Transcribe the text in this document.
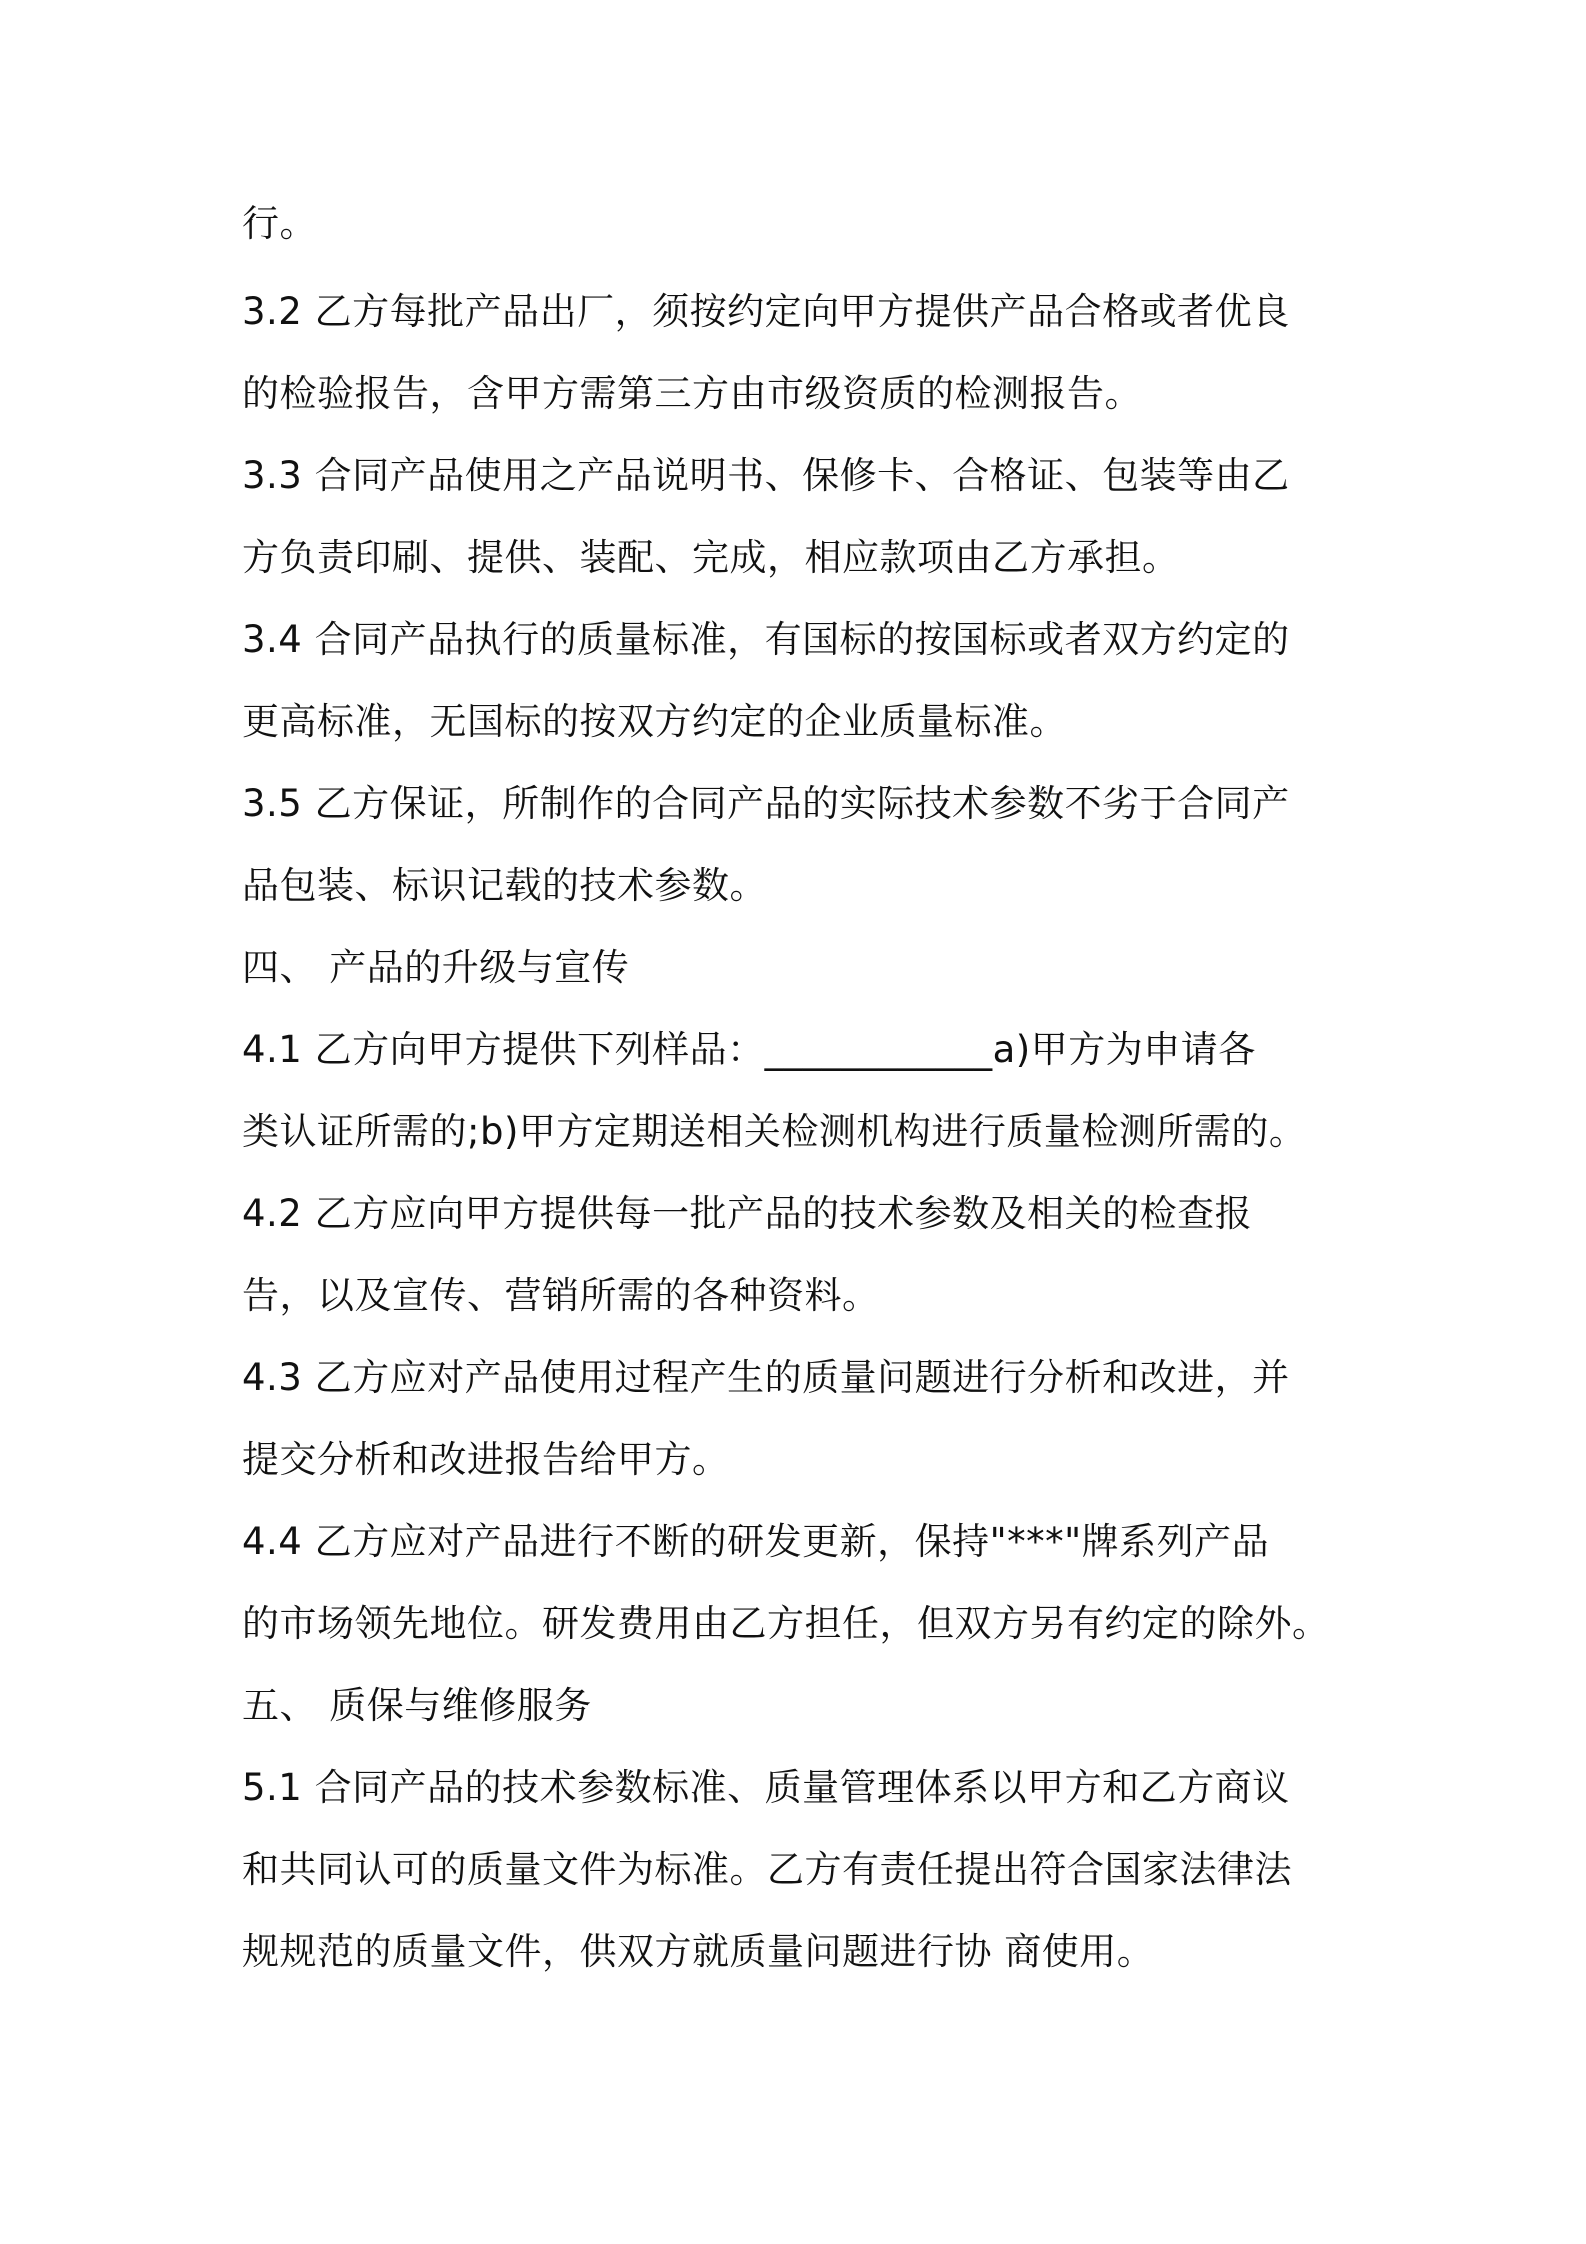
行。
3.2 乙方每批产品出厂，须按约定向甲方提供产品合格或者优良
的检验报告，含甲方需第三方由市级资质的检测报告。
3.3 合同产品使用之产品说明书、保修卡、合格证、包装等由乙
方负责印刷、提供、装配、完成，相应款项由乙方承担。
3.4 合同产品执行的质量标准，有国标的按国标或者双方约定的
更高标准，无国标的按双方约定的企业质量标准。
3.5 乙方保证，所制作的合同产品的实际技术参数不劣于合同产
品包装、标识记载的技术参数。
四、 产品的升级与宣传
4.1 乙方向甲方提供下列样品：____________a)甲方为申请各
类认证所需的;b)甲方定期送相关检测机构进行质量检测所需的。
4.2 乙方应向甲方提供每一批产品的技术参数及相关的检查报
告，以及宣传、营销所需的各种资料。
4.3 乙方应对产品使用过程产生的质量问题进行分析和改进，并
提交分析和改进报告给甲方。
4.4 乙方应对产品进行不断的研发更新，保持"***"牌系列产品
的市场领先地位。研发费用由乙方担任，但双方另有约定的除外。
五、 质保与维修服务
5.1 合同产品的技术参数标准、质量管理体系以甲方和乙方商议
和共同认可的质量文件为标准。乙方有责任提出符合国家法律法
规规范的质量文件，供双方就质量问题进行协 商使用。
